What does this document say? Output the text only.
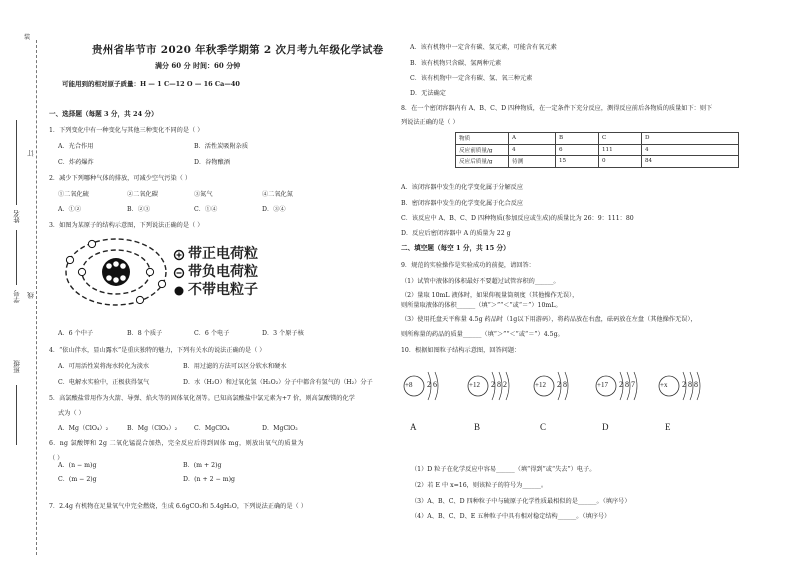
装
订
姓名
学号 线
班级
贵州省毕节市 2020 年秋季学期第 2 次月考九年级化学试卷
满分 60 分 时间：60 分钟
可能用到的相对原子质量：H — 1 C—12 O — 16 Ca—40
一、选择题（每题 3 分，共 24 分）
1．下列变化中有一种变化与其他三种变化不同的是（ ）
A．光合作用	B．活性炭吸附杂质
C．炸药爆炸	D．谷物酿酒
2．减少下列哪种气体的排放，可减少空气污染（ ）
①二氧化硫	②二氧化碳	③氮气	④二氧化氮
A．①②	B．②③	C．①④	D．③④
3．如图为某原子的结构示意图，下列说法正确的是（ ）
带正电荷粒
带负电荷粒
不带电粒子
A．6 个中子	B．8 个质子	C．6 个电子	D．3 个原子核
4．“依山伴水，显山露水”是重庆独特的魅力，下列有关水的说法正确的是（ ）
A．可用活性炭将海水转化为淡水	B．用过滤的方法可以区分软水和硬水
C．电解水实验中，正极获得氢气	D．水（H₂O）和过氧化氢（H₂O₂）分子中都含有氢气的（H₂）分子
5．高氯酸盐常用作为火箭、导弹、焰火等的固体氧化剂等。已知高氯酸盐中氯元素为+7 价，则高氯酸镁的化学
式为（ ）
A．Mg（ClO₄）₂	B．Mg（ClO₃）₂	C．MgClO₄	D．MgClO₂
6．ng 氯酸钾和 2g 二氧化锰混合加热，完全反应后得到固体 mg，则放出氧气的质量为
（ ）
A．(n − m)g	B．(m + 2)g
C．(m − 2)g	D．(n + 2 − m)g
7．2.4g 有机物在足量氧气中完全燃烧，生成 6.6gCO₂和 5.4gH₂O，下列说法正确的是（ ）
A．该有机物中一定含有碳、氢元素，可能含有氧元素
B．该有机物只含碳、氢两种元素
C．该有机物中一定含有碳、氢、氧三种元素
D．无法确定
8．在一个密闭容器内有 A、B、C、D 四种物质，在一定条件下充分反应，测得反应前后各物质的质量如下：则下
列说法正确的是（ ）
物质	A	B	C	D
反应前质量/g	4	6	111	4
反应后质量/g	待测	15	0	84
A．该闭容器中发生的化学变化属于分解反应
B．密闭容器中发生的化学变化属于化合反应
C．该反应中 A、B、C、D 四种物质(参加反应或生成)的质量比为 26：9：111：80
D．反应后密闭容器中 A 的质量为 22 g
二、填空题（每空 1 分，共 15 分）
9．规范的实验操作是实验成功的前提，请回答：
（1）试管中液体的体积最好不要超过试管容积的______。
（2）量取 10mL 液体时，如果仰视量筒刻度（其他操作无误），
则所量取液体的体积______（填“＞”“＜”或“＝”）10mL。
（3）使用托盘天平称量 4.5g 药品时（1g以下用游码），将药品放在右盘，砝码放在左盘（其他操作无误），
则所称量的药品的质量______（填“＞”“＜”或“＝”）4.5g。
10．根据如图粒子结构示意图，回答问题：
+8 2 6
A
+12 2 8 2
B
+12 2 8
C
+17 2 8 7
D
+x 2 8 8
E
（1）D 粒子在化学反应中容易______（填“得到”或“失去”）电子。
（2）若 E 中 x=16，则该粒子的符号为______。
（3）A、B、C、D 四种粒子中与硫原子化学性质最相似的是______。（填序号）
（4）A、B、C、D、E 五种粒子中具有相对稳定结构______。（填序号）
